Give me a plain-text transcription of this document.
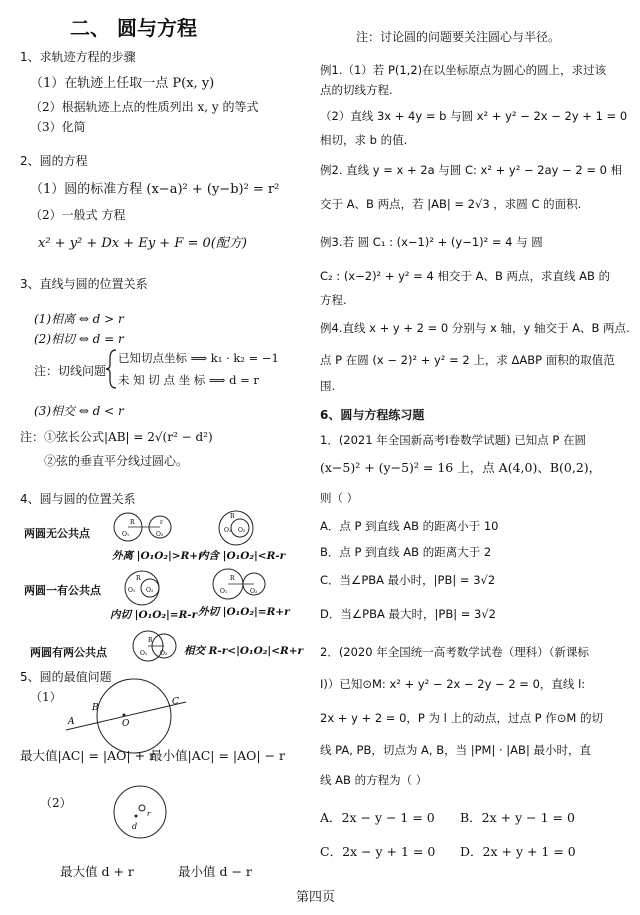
二、 圆与方程
1、求轨迹方程的步骤
（1）在轨迹上任取一点 P(x, y)
（2）根据轨迹上点的性质列出 x, y 的等式
（3）化简
2、圆的方程
（1）圆的标准方程 (x−a)² + (y−b)² = r²
（2）一般式 方程
x² + y² + Dx + Ey + F = 0(配方)
3、直线与圆的位置关系
(1)相离 ⇔ d > r
(2)相切 ⇔ d = r
注：切线问题
已知切点坐标 ⟹ k₁ · k₂ = −1
未 知 切 点 坐 标 ⟹ d = r
(3)相交 ⇔ d < r
注：①弦长公式|AB| = 2√(r² − d²)
②弦的垂直平分线过圆心。
4、圆与圆的位置关系
两圆无公共点	O₁	O₂
R	r
外离 |O₁O₂|>R+r
O₁ O₂
R
内含 |O₁O₂|<R-r
两圆一有公共点	O₁ O₂
R
内切 |O₁O₂|=R-r
O₁	O₂
R
外切 |O₁O₂|=R+r
两圆有两公共点	O₁ O₂
R
相交 R-r<|O₁O₂|<R+r
5、圆的最值问题
（1）
A
B
O
C
最大值|AC| = |AO| + r
最小值|AC| = |AO| − r
（2）
d
r
最大值 d + r	最小值 d − r
注：讨论圆的问题要关注圆心与半径。
例1.（1）若 P(1,2)在以坐标原点为圆心的圆上，求过该
点的切线方程.
（2）直线 3x + 4y = b 与圆 x² + y² − 2x − 2y + 1 = 0
相切，求 b 的值.
例2. 直线 y = x + 2a 与圆 C: x² + y² − 2ay − 2 = 0 相
交于 A、B 两点，若 |AB| = 2√3 ，求圆 C 的面积.
例3.若 圆 C₁ : (x−1)² + (y−1)² = 4 与 圆
C₂ : (x−2)² + y² = 4 相交于 A、B 两点，求直线 AB 的
方程.
例4.直线 x + y + 2 = 0 分别与 x 轴，y 轴交于 A、B 两点.
点 P 在圆 (x − 2)² + y² = 2 上，求 ΔABP 面积的取值范
围.
6、圆与方程练习题
1．(2021 年全国新高考Ⅰ卷数学试题) 已知点 P 在圆
(x−5)² + (y−5)² = 16 上，点 A(4,0)、B(0,2)，
则（ ）
A．点 P 到直线 AB 的距离小于 10
B．点 P 到直线 AB 的距离大于 2
C．当∠PBA 最小时，|PB| = 3√2
D．当∠PBA 最大时，|PB| = 3√2
2．(2020 年全国统一高考数学试卷（理科）（新课标
Ⅰ)）已知⊙M: x² + y² − 2x − 2y − 2 = 0，直线 l:
2x + y + 2 = 0，P 为 l 上的动点，过点 P 作⊙M 的切
线 PA, PB，切点为 A, B，当 |PM| · |AB| 最小时，直
线 AB 的方程为（ ）
A．2x − y − 1 = 0 B．2x + y − 1 = 0
C．2x − y + 1 = 0 D．2x + y + 1 = 0
第四页
